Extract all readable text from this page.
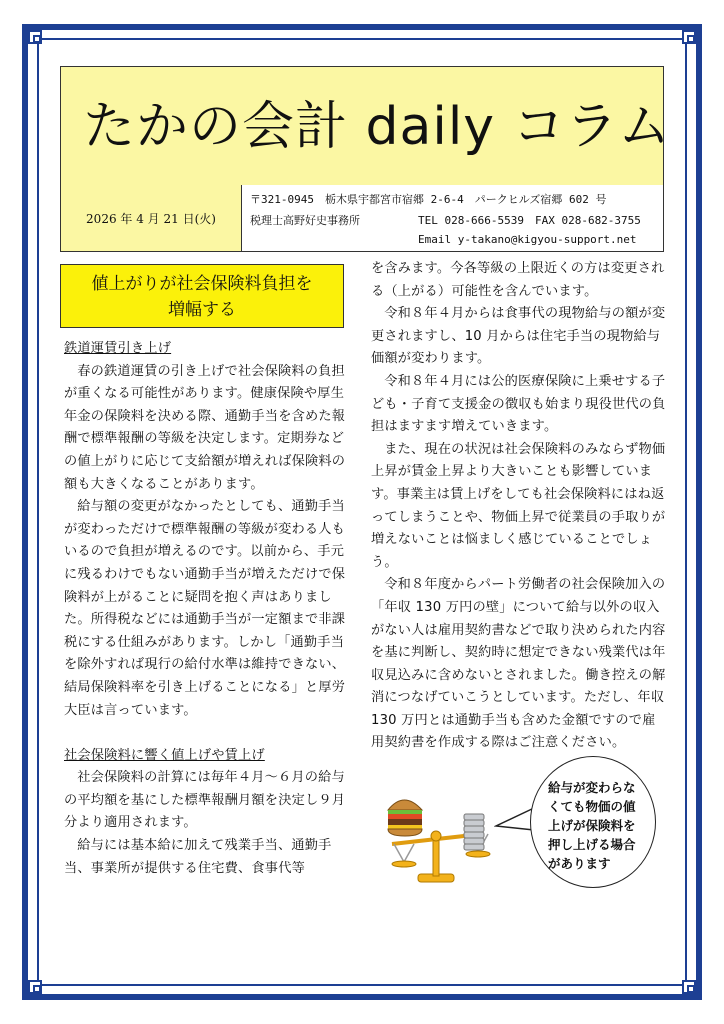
たかの会計 daily コラム
2026 年 4 月 21 日(火)
〒321-0945　栃木県宇都宮市宿郷 2-6-4　パークヒルズ宿郷 602 号
税理士高野好史事務所	TEL 028-666-5539　FAX 028-682-3755
Email y-takano@kigyou-support.net
値上がりが社会保険料負担を
増幅する

鉄道運賃引き上げ

春の鉄道運賃の引き上げで社会保険料の負担が重くなる可能性があります。健康保険や厚生年金の保険料を決める際、通勤手当を含めた報酬で標準報酬の等級を決定します。定期券などの値上がりに応じて支給額が増えれば保険料の額も大きくなることがあります。

給与額の変更がなかったとしても、通勤手当が変わっただけで標準報酬の等級が変わる人もいるので負担が増えるのです。以前から、手元に残るわけでもない通勤手当が増えただけで保険料が上がることに疑問を抱く声はありました。所得税などには通勤手当が一定額まで非課税にする仕組みがあります。しかし「通勤手当を除外すれば現行の給付水準は維持できない、結局保険料率を引き上げることになる」と厚労大臣は言っています。

社会保険料に響く値上げや賃上げ

社会保険料の計算には毎年４月～６月の給与の平均額を基にした標準報酬月額を決定し９月分より適用されます。

給与には基本給に加えて残業手当、通勤手当、事業所が提供する住宅費、食事代等

を含みます。今各等級の上限近くの方は変更される（上がる）可能性を含んでいます。

令和８年４月からは食事代の現物給与の額が変更されますし、10 月からは住宅手当の現物給与価額が変わります。

令和８年４月には公的医療保険に上乗せする子ども・子育て支援金の徴収も始まり現役世代の負担はますます増えていきます。

また、現在の状況は社会保険料のみならず物価上昇が賃金上昇より大きいことも影響しています。事業主は賃上げをしても社会保険料にはね返ってしまうことや、物価上昇で従業員の手取りが増えないことは悩ましく感じていることでしょう。

令和８年度からパート労働者の社会保険加入の「年収 130 万円の壁」について給与以外の収入がない人は雇用契約書などで取り決められた内容を基に判断し、契約時に想定できない残業代は年収見込みに含めないとされました。働き控えの解消につなげていこうとしています。ただし、年収 130 万円とは通勤手当も含めた金額ですので雇用契約書を作成する際はご注意ください。

給与が変わらなくても物価の値上げが保険料を押し上げる場合があります
